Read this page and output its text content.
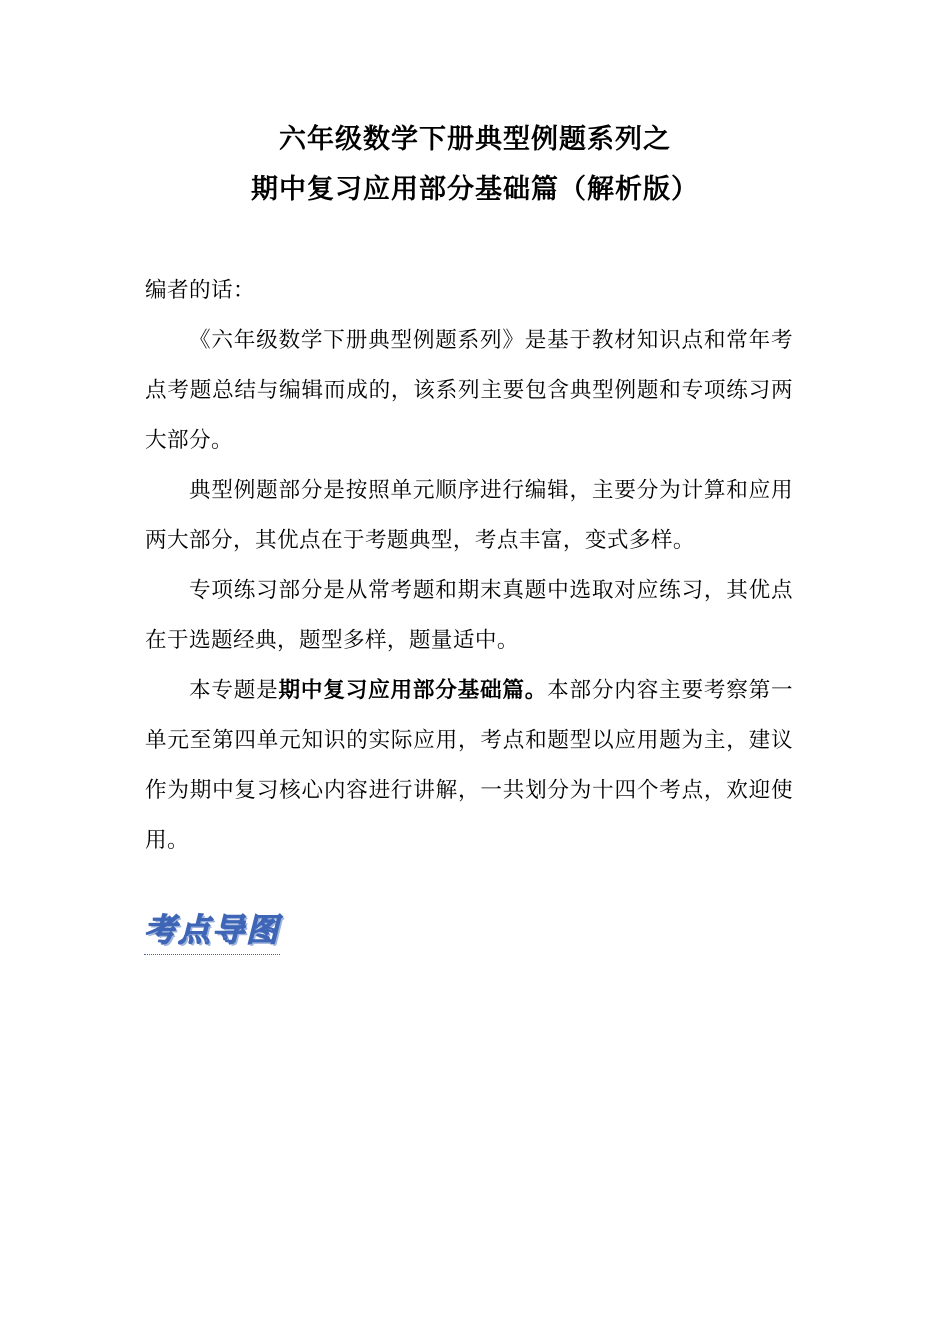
六年级数学下册典型例题系列之
期中复习应用部分基础篇（解析版）

编者的话：

《六年级数学下册典型例题系列》是基于教材知识点和常年考点考题总结与编辑而成的，该系列主要包含典型例题和专项练习两大部分。

典型例题部分是按照单元顺序进行编辑，主要分为计算和应用两大部分，其优点在于考题典型，考点丰富，变式多样。

专项练习部分是从常考题和期末真题中选取对应练习，其优点在于选题经典，题型多样，题量适中。

本专题是期中复习应用部分基础篇。本部分内容主要考察第一单元至第四单元知识的实际应用，考点和题型以应用题为主，建议作为期中复习核心内容进行讲解，一共划分为十四个考点，欢迎使用。

考点导图
